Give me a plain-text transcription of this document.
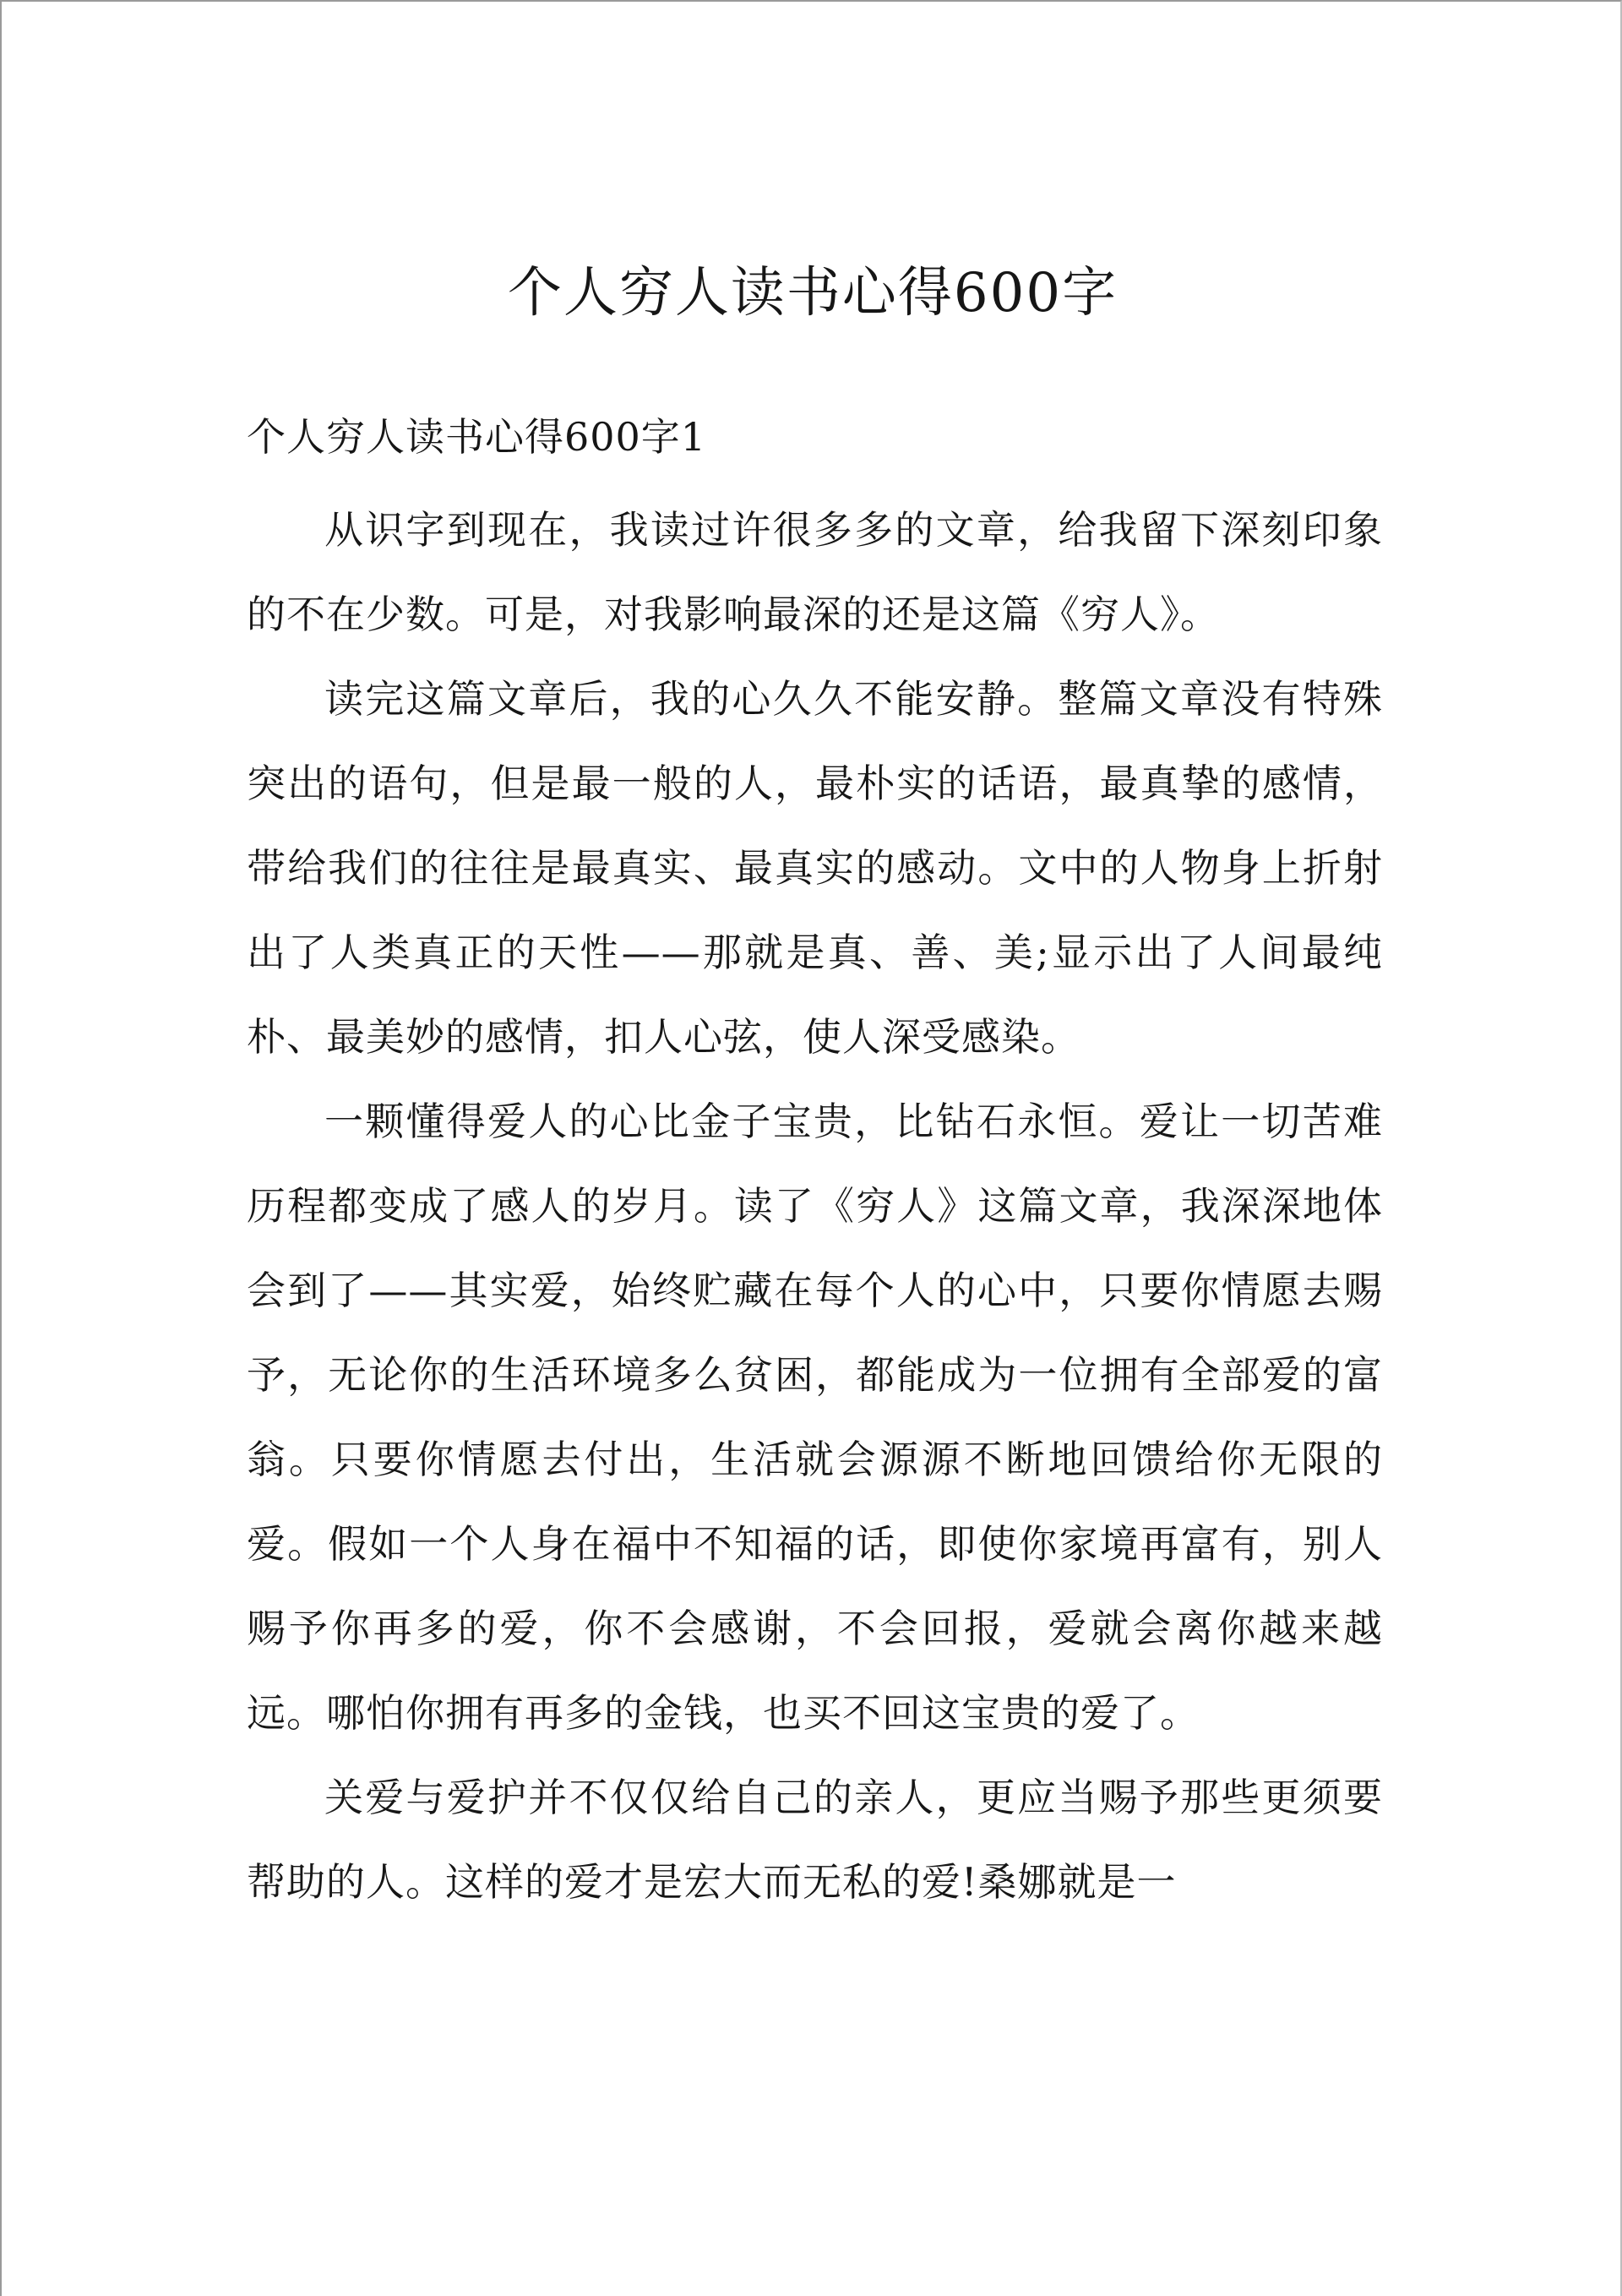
个人穷人读书心得600字

个人穷人读书心得600字1

从识字到现在，我读过许很多多的文章，给我留下深刻印象的不在少数。可是，对我影响最深的还是这篇《穷人》。

读完这篇文章后，我的心久久不能安静。整篇文章没有特殊突出的语句，但是最一般的人，最朴实的话语，最真挚的感情，带给我们的往往是最真实、最真实的感动。文中的人物身上折射出了人类真正的天性——那就是真、善、美;显示出了人间最纯朴、最美妙的感情，扣人心弦，使人深受感染。

一颗懂得爱人的心比金子宝贵，比钻石永恒。爱让一切苦难历程都变成了感人的岁月。读了《穷人》这篇文章，我深深地体会到了——其实爱，始终贮藏在每个人的心中，只要你情愿去赐予，无论你的生活环境多么贫困，都能成为一位拥有全部爱的富翁。只要你情愿去付出，生活就会源源不断地回馈给你无限的爱。假如一个人身在福中不知福的话，即使你家境再富有，别人赐予你再多的爱，你不会感谢，不会回报，爱就会离你越来越远。哪怕你拥有再多的金钱，也买不回这宝贵的爱了。

关爱与爱护并不仅仅给自己的亲人，更应当赐予那些更须要帮助的人。这样的爱才是宏大而无私的爱!桑娜就是一
